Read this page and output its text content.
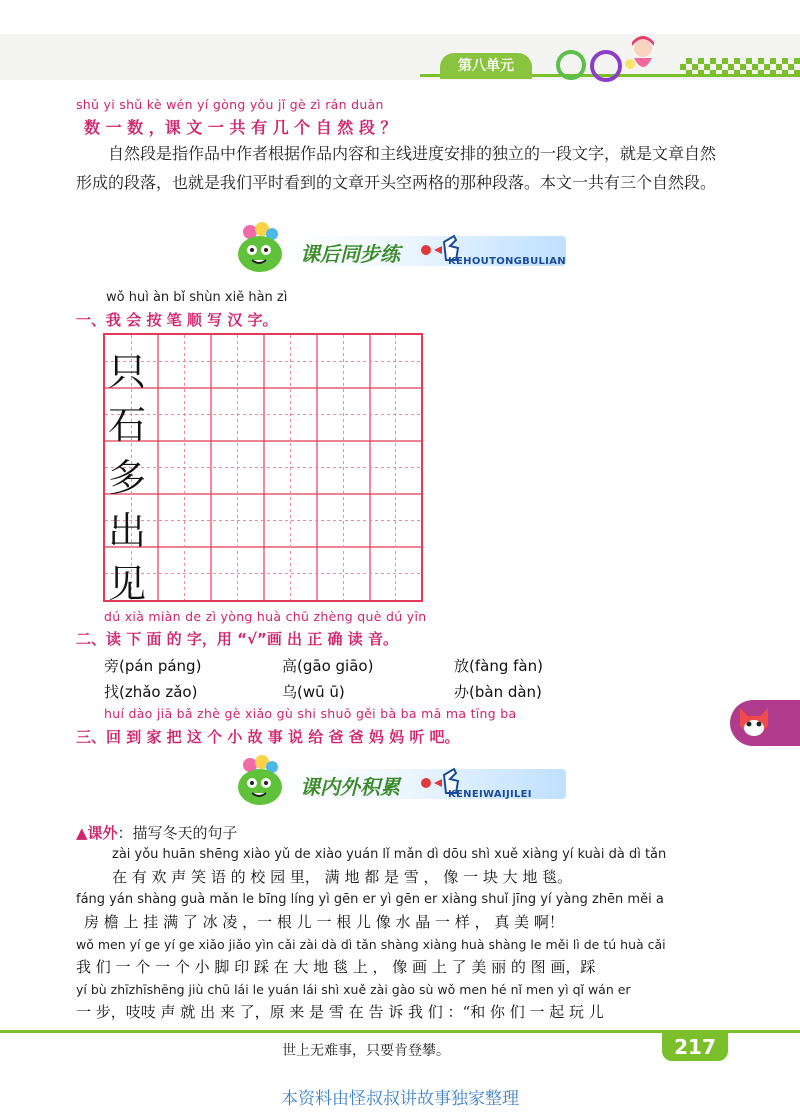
第八单元
shǔ yi shǔ kè wén yí gòng yǒu jǐ gè zì rán duàn
数 一 数 ，课 文 一 共 有 几 个 自 然 段 ？
自然段是指作品中作者根据作品内容和主线进度安排的独立的一段文字，就是文章自然形成的段落，也就是我们平时看到的文章开头空两格的那种段落。本文一共有三个自然段。
课后同步练	KEHOUTONGBULIAN
wǒ huì àn bǐ shùn xiě hàn zì
一、我 会 按 笔 顺 写 汉 字。
只
石
多
出
见
dú xià miàn de zì yòng huà chū zhèng què dú yīn
二、读 下 面 的 字，用 “√”画 出 正 确 读 音。
旁(pán páng)	高(gāo giāo)	放(fàng fàn)
找(zhǎo zǎo)	乌(wū ū)	办(bàn dàn)
huí dào jiā bǎ zhè gè xiǎo gù shi shuō gěi bà ba mā ma tīng ba
三、回 到 家 把 这 个 小 故 事 说 给 爸 爸 妈 妈 听 吧。
课内外积累	KENEIWAIJILEI
▲课外：描写冬天的句子
zài yǒu huān shēng xiào yǔ de xiào yuán lǐ mǎn dì dōu shì xuě xiàng yí kuài dà dì tǎn
在 有 欢 声 笑 语 的 校 园 里， 满 地 都 是 雪 ， 像 一 块 大 地 毯。
fáng yán shàng guà mǎn le bīng líng yì gēn er yì gēn er xiàng shuǐ jīng yí yàng zhēn měi a
房 檐 上 挂 满 了 冰 凌 ，一 根 儿 一 根 儿 像 水 晶 一 样 ， 真 美 啊！
wǒ men yí ge yí ge xiǎo jiǎo yìn cǎi zài dà dì tǎn shàng xiàng huà shàng le měi lì de tú huà cǎi
我 们 一 个 一 个 小 脚 印 踩 在 大 地 毯 上 ， 像 画 上 了 美 丽 的 图 画，踩
yí bù zhīzhīshēng jiù chū lái le yuán lái shì xuě zài gào sù wǒ men hé nǐ men yì qǐ wán er
一 步，吱吱 声 就 出 来 了，原 来 是 雪 在 告 诉 我 们 ：“和 你 们 一 起 玩 儿
世上无难事，只要肯登攀。	217
本资料由怪叔叔讲故事独家整理
